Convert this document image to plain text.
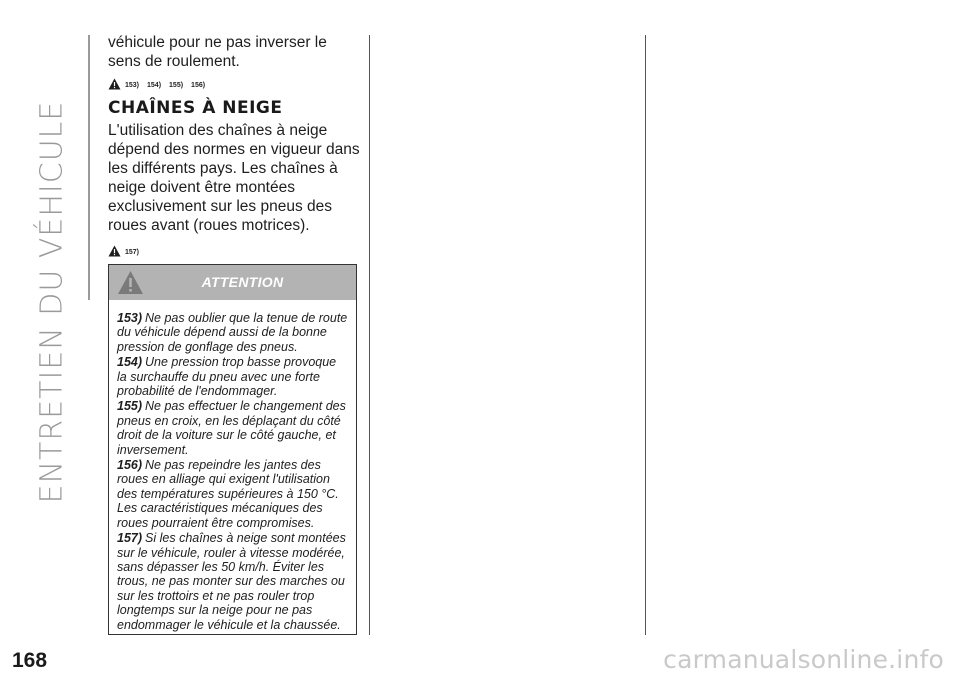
ENTRETIEN DU VÉHICULE

véhicule pour ne pas inverser le sens de roulement.

153) 154) 155) 156)
CHAÎNES À NEIGE

L'utilisation des chaînes à neige dépend des normes en vigueur dans les différents pays. Les chaînes à neige doivent être montées exclusivement sur les pneus des roues avant (roues motrices).

157)
ATTENTION

153) Ne pas oublier que la tenue de route du véhicule dépend aussi de la bonne pression de gonflage des pneus.

154) Une pression trop basse provoque la surchauffe du pneu avec une forte probabilité de l'endommager.

155) Ne pas effectuer le changement des pneus en croix, en les déplaçant du côté droit de la voiture sur le côté gauche, et inversement.

156) Ne pas repeindre les jantes des roues en alliage qui exigent l'utilisation des températures supérieures à 150 °C. Les caractéristiques mécaniques des roues pourraient être compromises.

157) Si les chaînes à neige sont montées sur le véhicule, rouler à vitesse modérée, sans dépasser les 50 km/h. Éviter les trous, ne pas monter sur des marches ou sur les trottoirs et ne pas rouler trop longtemps sur la neige pour ne pas endommager le véhicule et la chaussée.

168	carmanualsonline.info
